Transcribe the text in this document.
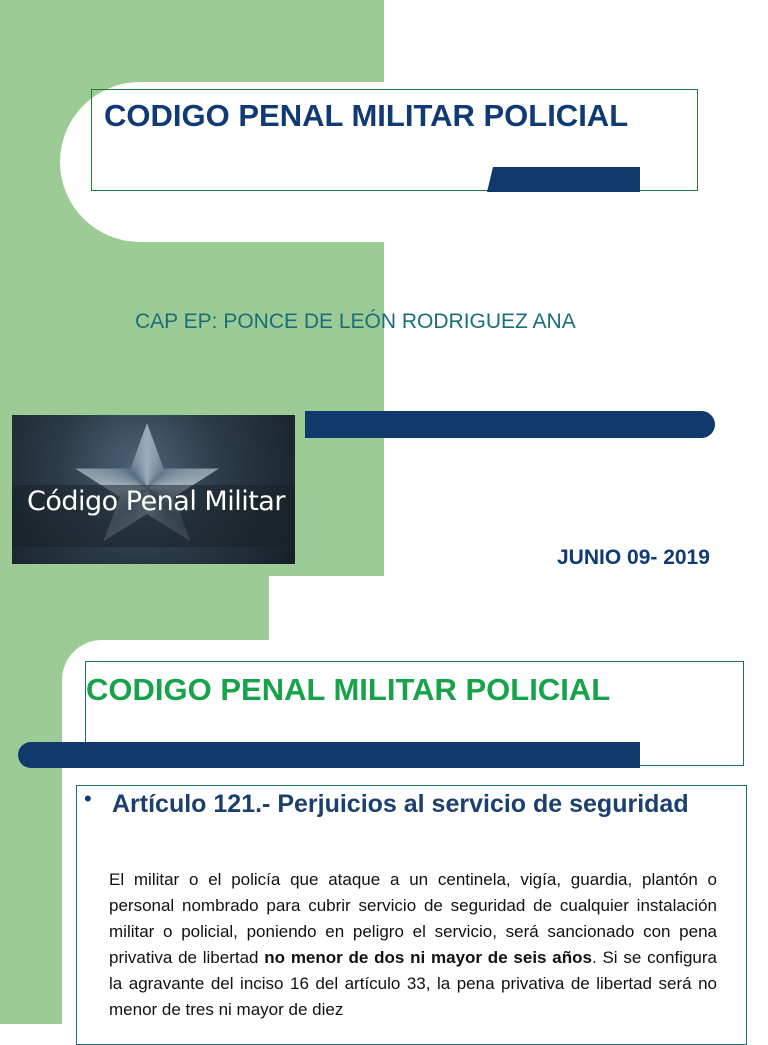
CODIGO PENAL MILITAR POLICIAL
CAP EP: PONCE DE LEÓN RODRIGUEZ ANA
Código Penal Militar
JUNIO 09- 2019
CODIGO PENAL MILITAR POLICIAL
• Artículo 121.- Perjuicios al servicio de seguridad
El militar o el policía que ataque a un centinela, vigía, guardia, plantón o personal nombrado para cubrir servicio de seguridad de cualquier instalación militar o policial, poniendo en peligro el servicio, será sancionado con pena privativa de libertad no menor de dos ni mayor de seis años. Si se configura la agravante del inciso 16 del artículo 33, la pena privativa de libertad será no menor de tres ni mayor de diez
